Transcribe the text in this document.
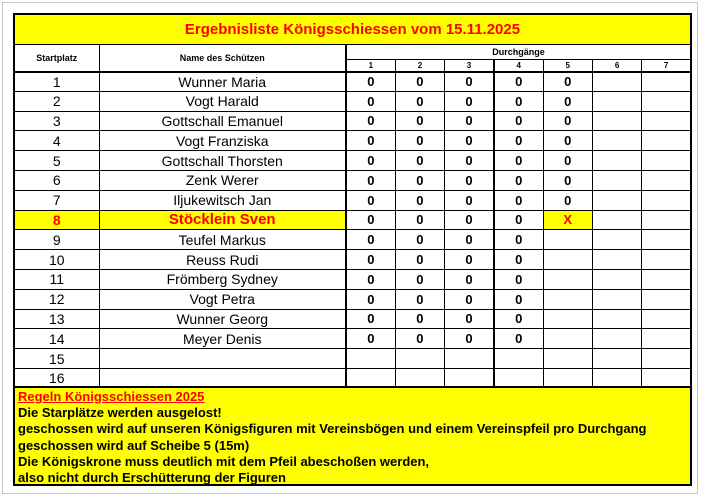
Ergebnisliste Königsschiessen vom 15.11.2025								
Startplatz	Name des Schützen	Durchgänge						
		1	2	3	4	5	6	7
1	Wunner Maria	0	0	0	0	0		
2	Vogt Harald	0	0	0	0	0		
3	Gottschall Emanuel	0	0	0	0	0		
4	Vogt Franziska	0	0	0	0	0		
5	Gottschall Thorsten	0	0	0	0	0		
6	Zenk Werer	0	0	0	0	0		
7	Iljukewitsch Jan	0	0	0	0	0		
8	Stöcklein Sven	0	0	0	0	X		
9	Teufel Markus	0	0	0	0			
10	Reuss Rudi	0	0	0	0			
11	Frömberg Sydney	0	0	0	0			
12	Vogt Petra	0	0	0	0			
13	Wunner Georg	0	0	0	0			
14	Meyer Denis	0	0	0	0			
15								
16								
Regeln Königsschiessen 2025
Die Starplätze werden ausgelost!
geschossen wird auf unseren Königsfiguren mit Vereinsbögen und einem Vereinspfeil pro Durchgang
geschossen wird auf Scheibe 5 (15m)
Die Königskrone muss deutlich mit dem Pfeil abeschoßen werden,
also nicht durch Erschütterung der Figuren
